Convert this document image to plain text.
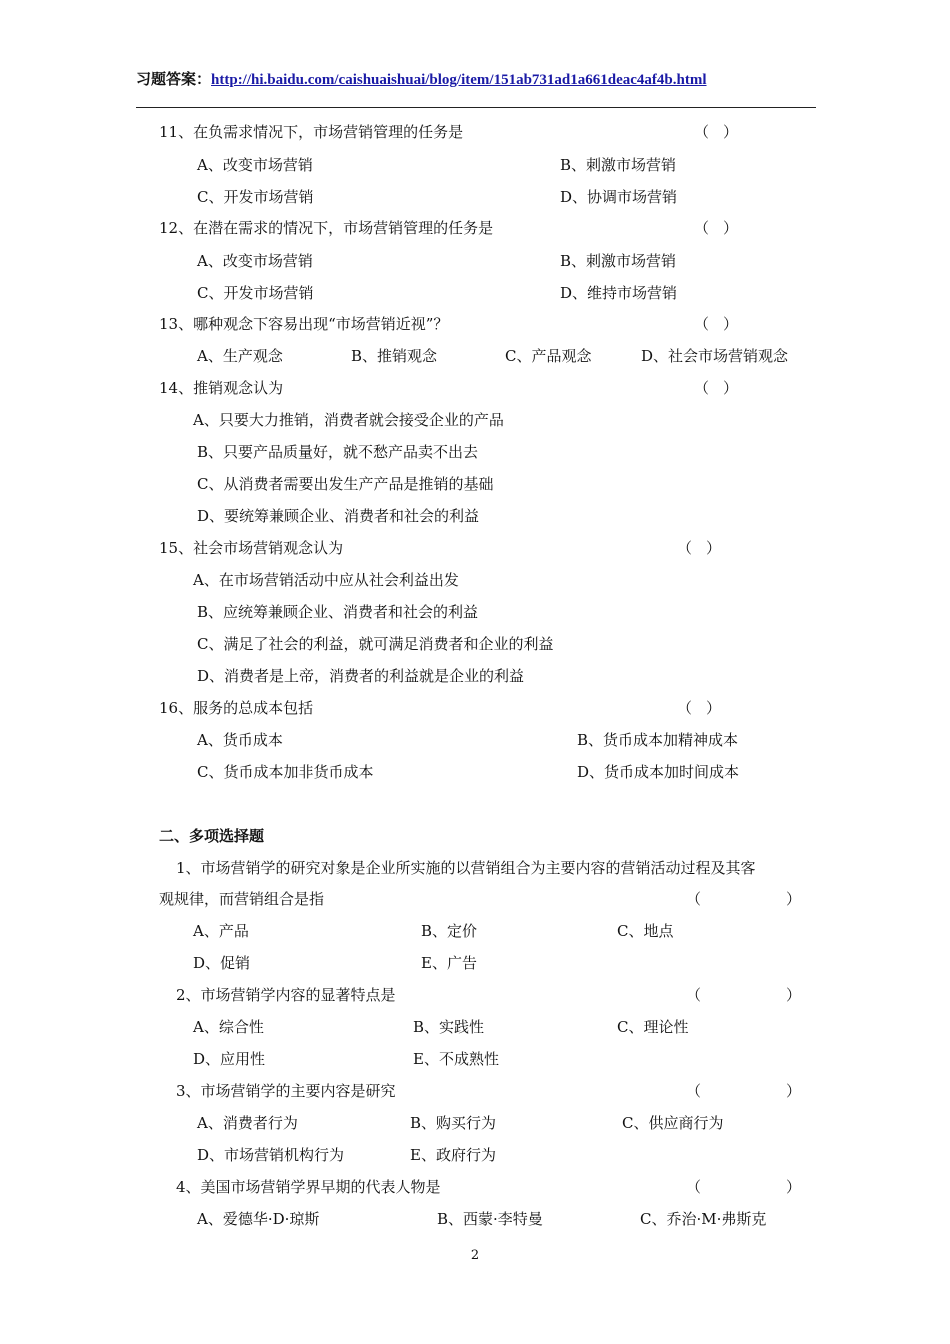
习题答案：http://hi.baidu.com/caishuaishuai/blog/item/151ab731ad1a661deac4af4b.html
11、在负需求情况下，市场营销管理的任务是	（ ）
A、改变市场营销	B、刺激市场营销
C、开发市场营销	D、协调市场营销
12、在潜在需求的情况下，市场营销管理的任务是	（ ）
A、改变市场营销	B、刺激市场营销
C、开发市场营销	D、维持市场营销
13、哪种观念下容易出现“市场营销近视”？	（ ）
A、生产观念	B、推销观念	C、产品观念	D、社会市场营销观念
14、推销观念认为	（ ）
A、只要大力推销，消费者就会接受企业的产品
B、只要产品质量好，就不愁产品卖不出去
C、从消费者需要出发生产产品是推销的基础
D、要统筹兼顾企业、消费者和社会的利益
15、社会市场营销观念认为	（ ）
A、在市场营销活动中应从社会利益出发
B、应统筹兼顾企业、消费者和社会的利益
C、满足了社会的利益，就可满足消费者和企业的利益
D、消费者是上帝，消费者的利益就是企业的利益
16、服务的总成本包括	（ ）
A、货币成本	B、货币成本加精神成本
C、货币成本加非货币成本	D、货币成本加时间成本
二、多项选择题
1、市场营销学的研究对象是企业所实施的以营销组合为主要内容的营销活动过程及其客
观规律，而营销组合是指	（	）
A、产品	B、定价	C、地点
D、促销	E、广告
2、市场营销学内容的显著特点是	（	）
A、综合性	B、实践性	C、理论性
D、应用性	E、不成熟性
3、市场营销学的主要内容是研究	（	）
A、消费者行为	B、购买行为	C、供应商行为
D、市场营销机构行为	E、政府行为
4、美国市场营销学界早期的代表人物是	（	）
A、爱德华·D·琼斯	B、西蒙·李特曼	C、乔治·M·弗斯克
2
